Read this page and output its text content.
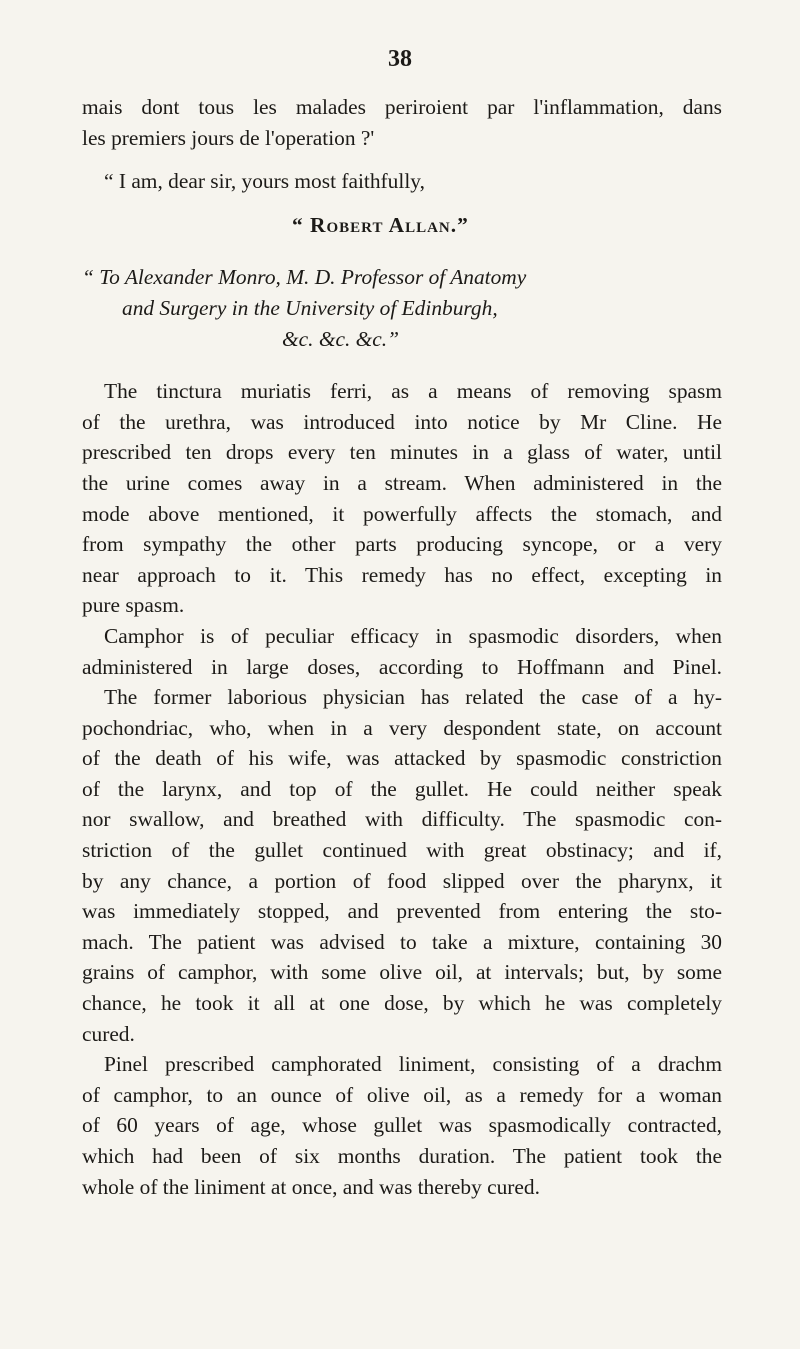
38
mais dont tous les malades periroient par l'inflammation, dans
les premiers jours de l'operation ?'
“ I am, dear sir, yours most faithfully,
“ Robert Allan.”
“ To Alexander Monro, M. D. Professor of Anatomy
and Surgery in the University of Edinburgh,
&c. &c. &c.”
The tinctura muriatis ferri, as a means of removing spasm
of the urethra, was introduced into notice by Mr Cline. He
prescribed ten drops every ten minutes in a glass of water, until
the urine comes away in a stream. When administered in the
mode above mentioned, it powerfully affects the stomach, and
from sympathy the other parts producing syncope, or a very
near approach to it. This remedy has no effect, excepting in
pure spasm.
Camphor is of peculiar efficacy in spasmodic disorders, when
administered in large doses, according to Hoffmann and Pinel.
The former laborious physician has related the case of a hy-
pochondriac, who, when in a very despondent state, on account
of the death of his wife, was attacked by spasmodic constriction
of the larynx, and top of the gullet. He could neither speak
nor swallow, and breathed with difficulty. The spasmodic con-
striction of the gullet continued with great obstinacy; and if,
by any chance, a portion of food slipped over the pharynx, it
was immediately stopped, and prevented from entering the sto-
mach. The patient was advised to take a mixture, containing 30
grains of camphor, with some olive oil, at intervals; but, by some
chance, he took it all at one dose, by which he was completely
cured.
Pinel prescribed camphorated liniment, consisting of a drachm
of camphor, to an ounce of olive oil, as a remedy for a woman
of 60 years of age, whose gullet was spasmodically contracted,
which had been of six months duration. The patient took the
whole of the liniment at once, and was thereby cured.
